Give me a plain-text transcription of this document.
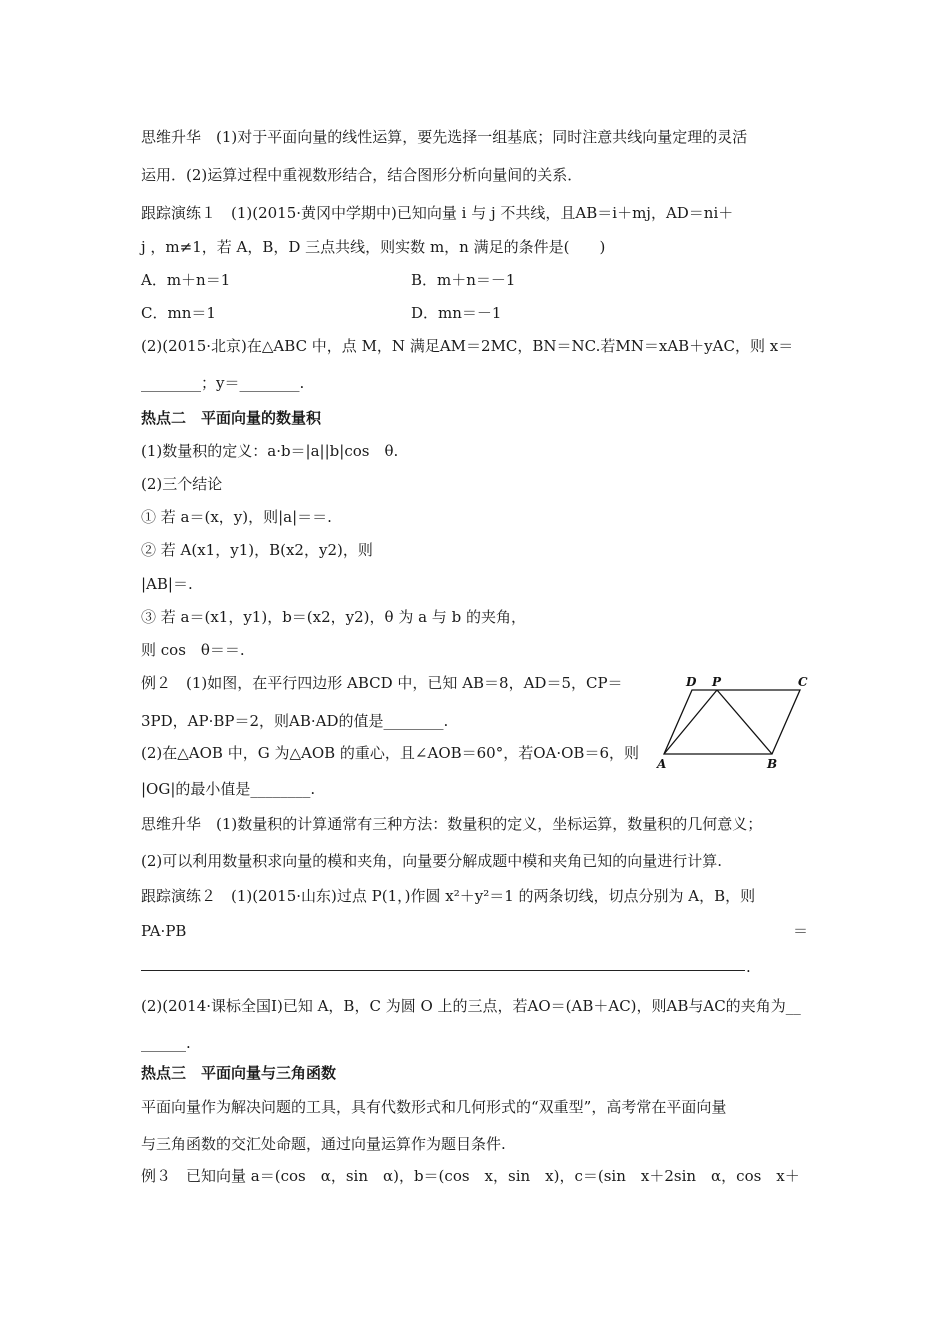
思维升华　(1)对于平面向量的线性运算，要先选择一组基底；同时注意共线向量定理的灵活
运用．(2)运算过程中重视数形结合，结合图形分析向量间的关系．
跟踪演练１　(1)(2015·黄冈中学期中)已知向量 i 与 j 不共线，且AB＝i＋mj，AD＝ni＋
j ，m≠1，若 A，B，D 三点共线，则实数 m，n 满足的条件是(　　)
A．m＋n＝1	B．m＋n＝－1
C．mn＝1	D．mn＝－1
(2)(2015·北京)在△ABC 中，点 M，N 满足AM＝2MC，BN＝NC.若MN＝xAB＋yAC，则 x＝
________；y＝________.
热点二　平面向量的数量积
(1)数量积的定义：a·b＝|a||b|cos　θ.
(2)三个结论
① 若 a＝(x，y)，则|a|＝＝.
② 若 A(x1，y1)，B(x2，y2)，则
|AB|＝.
③ 若 a＝(x1，y1)，b＝(x2，y2)，θ 为 a 与 b 的夹角，
则 cos　θ＝＝.
例２　(1)如图，在平行四边形 ABCD 中，已知 AB＝8，AD＝5，CP＝
3PD，AP·BP＝2，则AB·AD的值是________.
(2)在△AOB 中，G 为△AOB 的重心，且∠AOB＝60°，若OA·OB＝6，则
|OG|的最小值是________.
D P	C
A	B
思维升华　(1)数量积的计算通常有三种方法：数量积的定义，坐标运算，数量积的几何意义；
(2)可以利用数量积求向量的模和夹角，向量要分解成题中模和夹角已知的向量进行计算.
跟踪演练２　(1)(2015·山东)过点 P(1，)作圆 x²＋y²＝1 的两条切线，切点分别为 A，B，则
PA·PB	＝
.
(2)(2014·课标全国Ⅰ)已知 A，B，C 为圆 O 上的三点，若AO＝(AB＋AC)，则AB与AC的夹角为__
______.
热点三　平面向量与三角函数
平面向量作为解决问题的工具，具有代数形式和几何形式的“双重型”，高考常在平面向量
与三角函数的交汇处命题，通过向量运算作为题目条件.
例３　已知向量 a＝(cos　α，sin　α)，b＝(cos　x，sin　x)，c＝(sin　x＋2sin　α，cos　x＋
